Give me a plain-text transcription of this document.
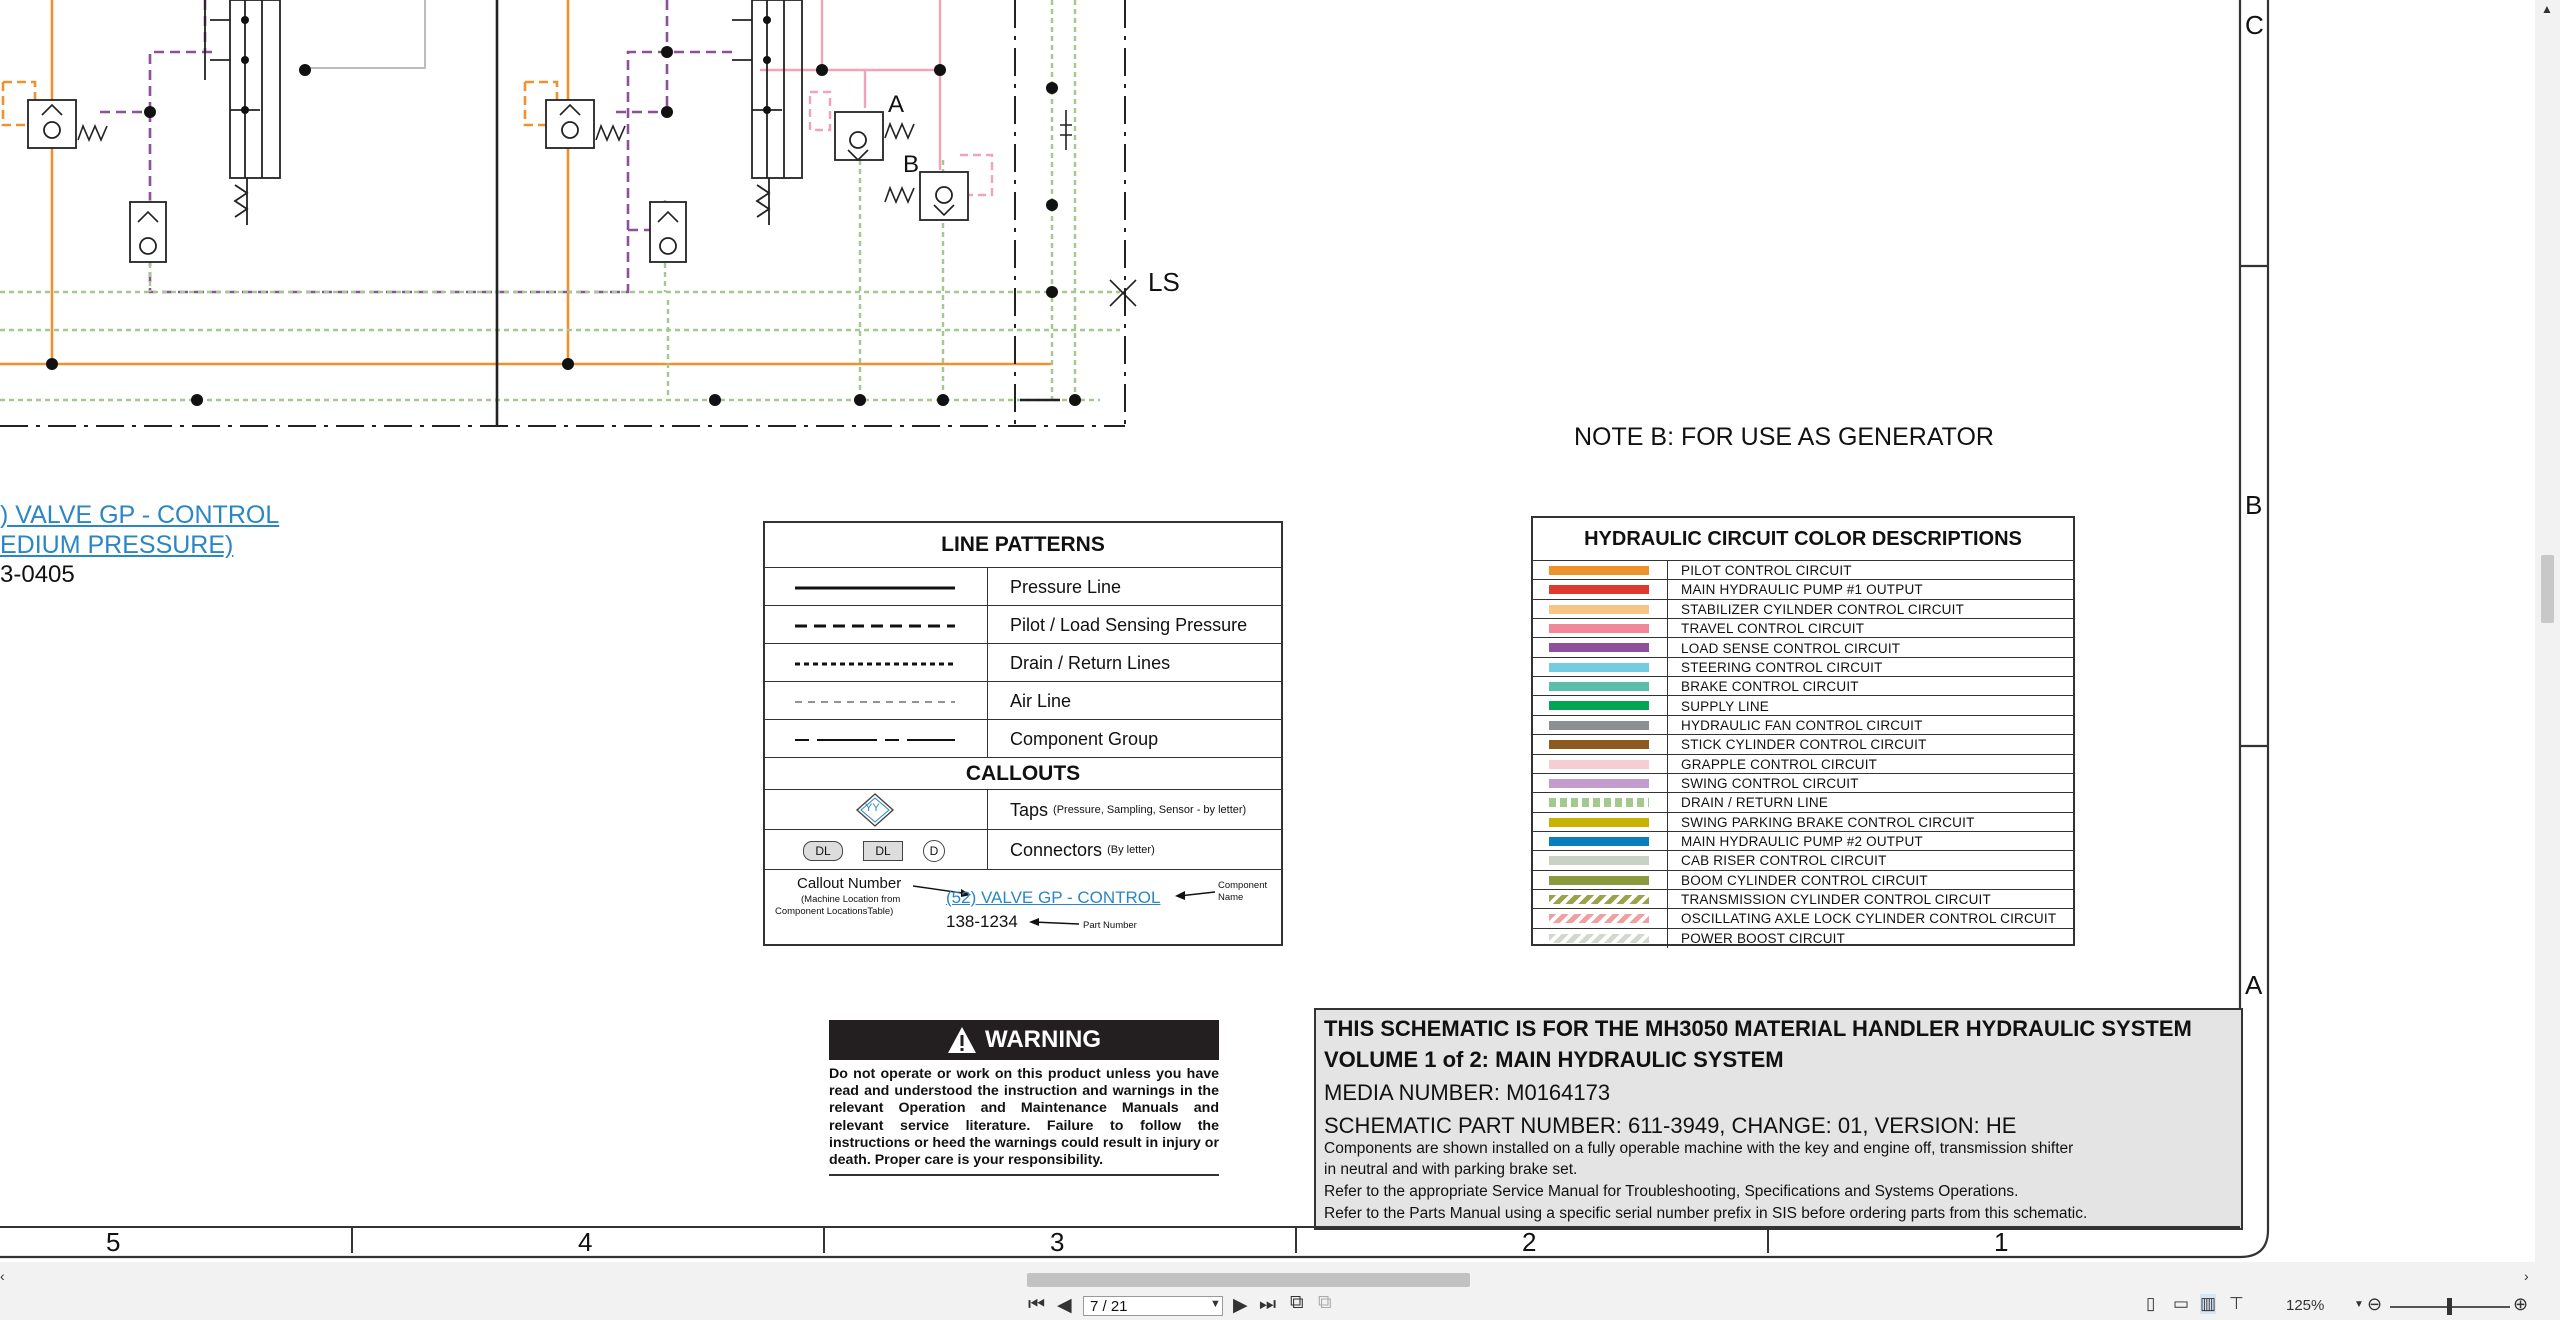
LS
A
B
NOTE B: FOR USE AS GENERATOR
C
B
A
) VALVE GP - CONTROL
EDIUM PRESSURE)
3-0405
LINE PATTERNS
Pressure Line
Pilot / Load Sensing Pressure
Drain / Return Lines
Air Line
Component Group
CALLOUTS
YY	Taps (Pressure, Sampling, Sensor - by letter)
DL	DL	D	Connectors (By letter)
Callout Number
(Machine Location from
Component LocationsTable)
(52) VALVE GP - CONTROL
Component
Name
138-1234	Part Number
HYDRAULIC CIRCUIT COLOR DESCRIPTIONS
PILOT CONTROL CIRCUIT
MAIN HYDRAULIC PUMP #1 OUTPUT
STABILIZER CYILNDER CONTROL CIRCUIT
TRAVEL CONTROL CIRCUIT
LOAD SENSE CONTROL CIRCUIT
STEERING CONTROL CIRCUIT
BRAKE CONTROL CIRCUIT
SUPPLY LINE
HYDRAULIC FAN CONTROL CIRCUIT
STICK CYLINDER CONTROL CIRCUIT
GRAPPLE CONTROL CIRCUIT
SWING CONTROL CIRCUIT
DRAIN / RETURN LINE
SWING PARKING BRAKE CONTROL CIRCUIT
MAIN HYDRAULIC PUMP #2 OUTPUT
CAB RISER CONTROL CIRCUIT
BOOM CYLINDER CONTROL CIRCUIT
TRANSMISSION CYLINDER CONTROL CIRCUIT
OSCILLATING AXLE LOCK CYLINDER CONTROL CIRCUIT
POWER BOOST CIRCUIT
WARNING
Do not operate or work on this product unless you have read and understood the instruction and warnings in the relevant Operation and Maintenance Manuals and relevant service literature. Failure to follow the instructions or heed the warnings could result in injury or death. Proper care is your responsibility.
THIS SCHEMATIC IS FOR THE MH3050 MATERIAL HANDLER HYDRAULIC SYSTEM
VOLUME 1 of 2: MAIN HYDRAULIC SYSTEM
MEDIA NUMBER: M0164173
SCHEMATIC PART NUMBER: 611-3949, CHANGE: 01, VERSION: HE
Components are shown installed on a fully operable machine with the key and engine off, transmission shifter
in neutral and with parking brake set.
Refer to the appropriate Service Manual for Troubleshooting, Specifications and Systems Operations.
Refer to the Parts Manual using a specific serial number prefix in SIS before ordering parts from this schematic.
5	4	3	2	1
▲
‹	›
⏮ ◀ 7 / 21	▼ ▶ ⏭ ⧉ ⧉	▯ ▭ ▥ ⊤	125%	▼ ⊖	⊕
